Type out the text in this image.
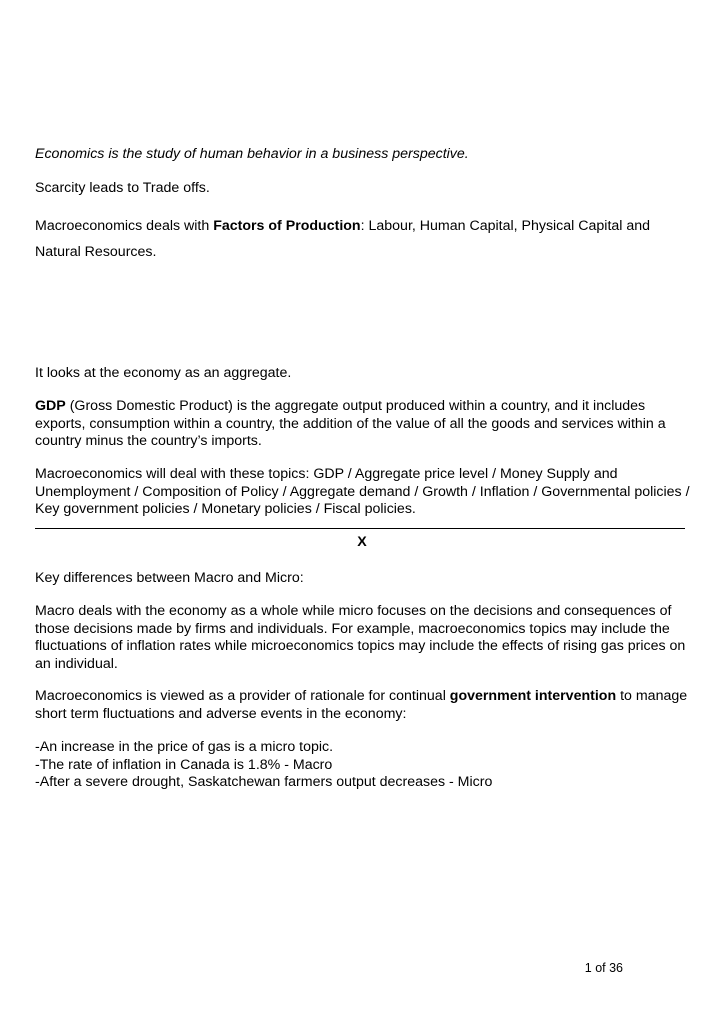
Economics is the study of human behavior in a business perspective.

Scarcity leads to Trade offs.

Macroeconomics deals with Factors of Production: Labour, Human Capital, Physical Capital and
Natural Resources.

It looks at the economy as an aggregate.

GDP (Gross Domestic Product) is the aggregate output produced within a country, and it includes exports, consumption within a country, the addition of the value of all the goods and services within a country minus the country’s imports.

Macroeconomics will deal with these topics: GDP / Aggregate price level / Money Supply and Unemployment / Composition of Policy / Aggregate demand / Growth / Inflation / Governmental policies / Key government policies / Monetary policies / Fiscal policies.

X

Key differences between Macro and Micro:

Macro deals with the economy as a whole while micro focuses on the decisions and consequences of those decisions made by firms and individuals. For example, macroeconomics topics may include the fluctuations of inflation rates while microeconomics topics may include the effects of rising gas prices on an individual.

Macroeconomics is viewed as a provider of rationale for continual government intervention to manage short term fluctuations and adverse events in the economy:

-An increase in the price of gas is a micro topic.
-The rate of inflation in Canada is 1.8% - Macro
-After a severe drought, Saskatchewan farmers output decreases - Micro
1 of 36
